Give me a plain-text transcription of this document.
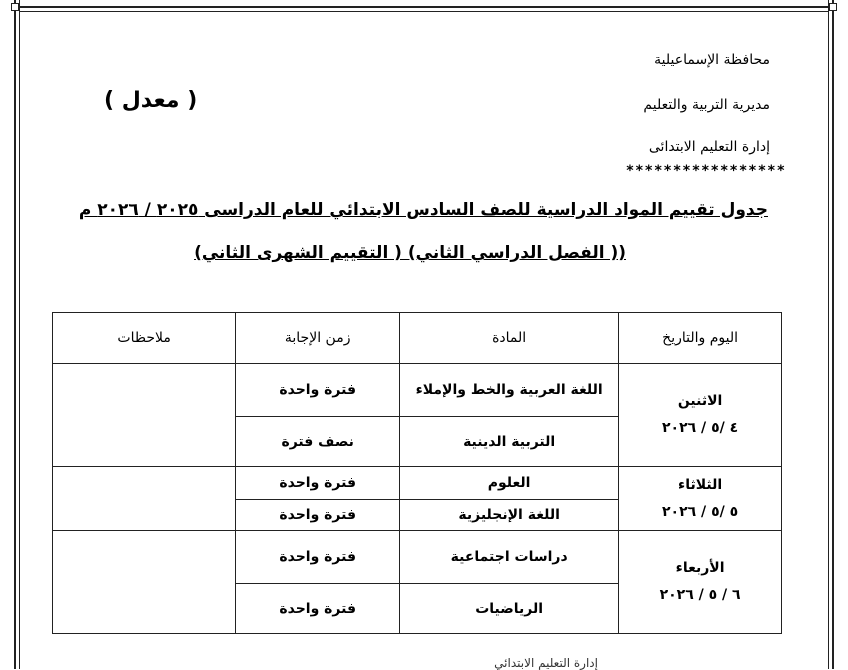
محافظة الإسماعيلية
مديرية التربية والتعليم
إدارة التعليم الابتدائى
*****************
( معدل )
جدول تقييم المواد الدراسية للصف السادس الابتدائي للعام الدراسى ٢٠٢٥ / ٢٠٢٦ م
(( الفصل الدراسي الثاني) ( التقييم الشهرى الثاني)
اليوم والتاريخ	المادة	زمن الإجابة	ملاحظات

الاثنين
٤ /٥ / ٢٠٢٦	اللغة العربية والخط والإملاء	فترة واحدة	
	التربية الدينية	نصف فترة	

الثلاثاء
٥ /٥ / ٢٠٢٦	العلوم	فترة واحدة	
	اللغة الإنجليزية	فترة واحدة	

الأربعاء
٦ / ٥ / ٢٠٢٦	دراسات اجتماعية	فترة واحدة	
	الرياضيات	فترة واحدة	
إدارة التعليم الابتدائي
